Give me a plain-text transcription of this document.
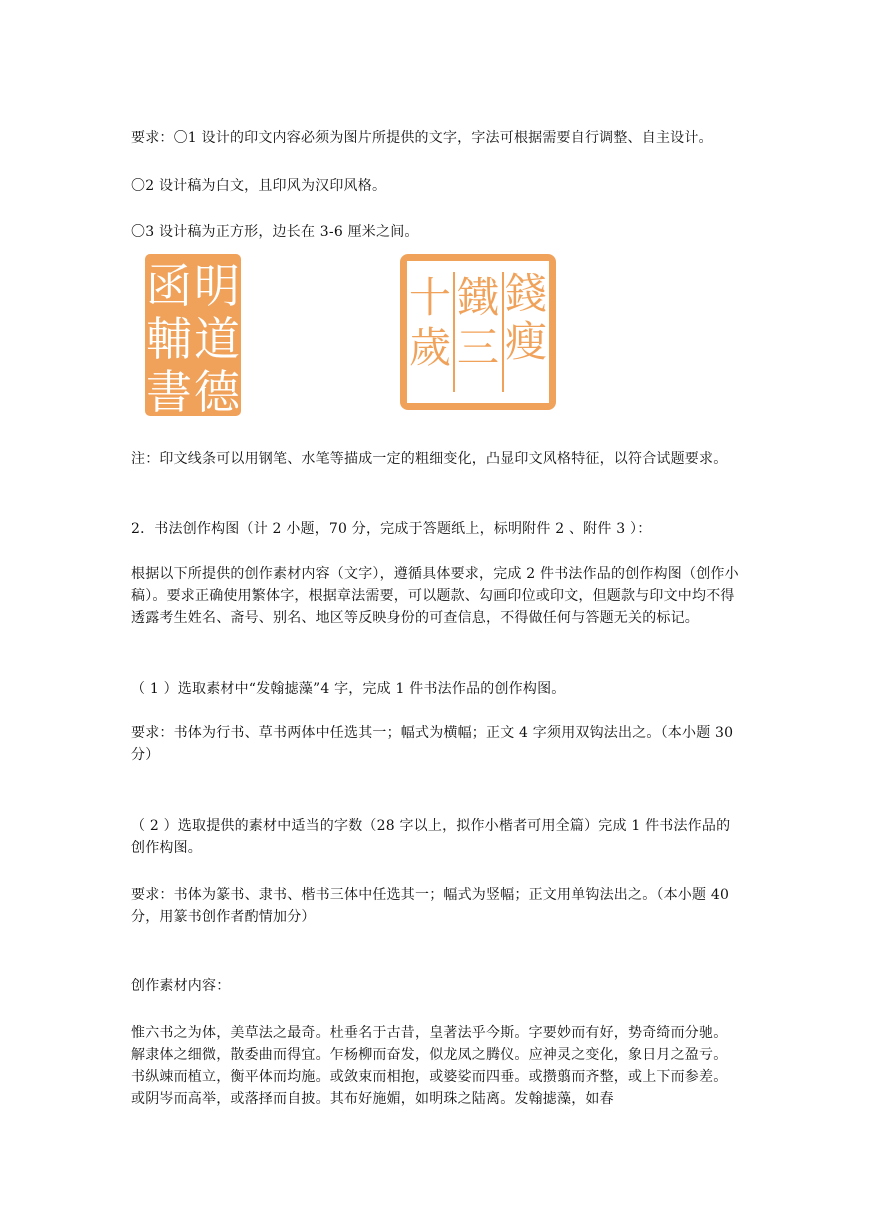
要求：〇1 设计的印文内容必须为图片所提供的文字，字法可根据需要自行调整、自主设计。
〇2 设计稿为白文，且印风为汉印风格。
〇3 设计稿为正方形，边长在 3-6 厘米之间。
明
道
德
函
輔
書
錢
瘦
鐵
三
十
歲
注：印文线条可以用钢笔、水笔等描成一定的粗细变化，凸显印文风格特征，以符合试题要求。
2．书法创作构图（计 2 小题，70 分，完成于答题纸上，标明附件 2 、附件 3 ）：
根据以下所提供的创作素材内容（文字），遵循具体要求，完成 2 件书法作品的创作构图（创作小稿）。要求正确使用繁体字，根据章法需要，可以题款、勾画印位或印文，但题款与印文中均不得透露考生姓名、斋号、别名、地区等反映身份的可查信息，不得做任何与答题无关的标记。
（ 1 ）选取素材中“发翰摅藻”4 字，完成 1 件书法作品的创作构图。
要求：书体为行书、草书两体中任选其一；幅式为横幅；正文 4 字须用双钩法出之。（本小题 30 分）
（ 2 ）选取提供的素材中适当的字数（28 字以上，拟作小楷者可用全篇）完成 1 件书法作品的创作构图。
要求：书体为篆书、隶书、楷书三体中任选其一；幅式为竖幅；正文用单钩法出之。（本小题 40 分，用篆书创作者酌情加分）
创作素材内容：
惟六书之为体，美草法之最奇。杜垂名于古昔，皇著法乎今斯。字要妙而有好，势奇绮而分驰。解隶体之细微，散委曲而得宜。乍杨柳而奋发，似龙凤之腾仪。应神灵之变化，象日月之盈亏。书纵竦而植立，衡平体而均施。或敛束而相抱，或婆娑而四垂。或攒翦而齐整，或上下而参差。或阴岑而高举，或落择而自披。其布好施媚，如明珠之陆离。发翰摅藻，如春
